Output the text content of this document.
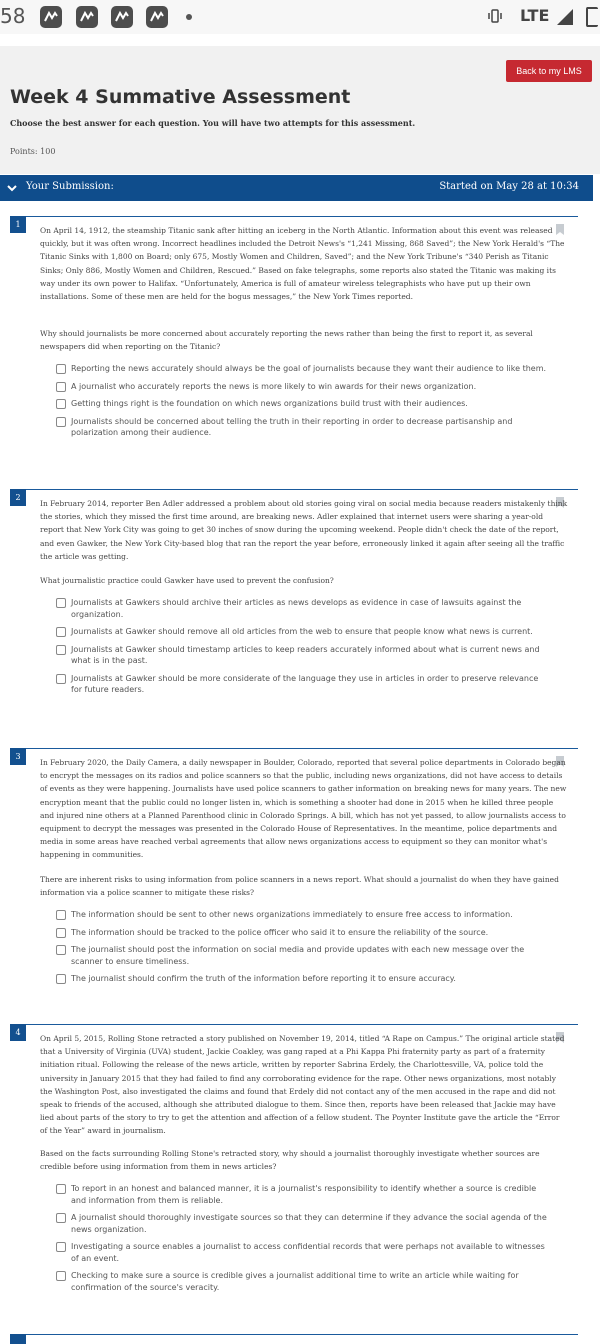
58	LTE
Back to my LMS
Week 4 Summative Assessment
Choose the best answer for each question. You will have two attempts for this assessment.
Points: 100
Your Submission:	Started on May 28 at 10:34
1
On April 14, 1912, the steamship Titanic sank after hitting an iceberg in the North Atlantic. Information about this event was released quickly, but it was often wrong. Incorrect headlines included the Detroit News's “1,241 Missing, 868 Saved”; the New York Herald's “The Titanic Sinks with 1,800 on Board; only 675, Mostly Women and Children, Saved”; and the New York Tribune's “340 Perish as Titanic Sinks; Only 886, Mostly Women and Children, Rescued.” Based on fake telegraphs, some reports also stated the Titanic was making its way under its own power to Halifax. “Unfortunately, America is full of amateur wireless telegraphists who have put up their own installations. Some of these men are held for the bogus messages,” the New York Times reported.
Why should journalists be more concerned about accurately reporting the news rather than being the first to report it, as several newspapers did when reporting on the Titanic?
Reporting the news accurately should always be the goal of journalists because they want their audience to like them.
A journalist who accurately reports the news is more likely to win awards for their news organization.
Getting things right is the foundation on which news organizations build trust with their audiences.
Journalists should be concerned about telling the truth in their reporting in order to decrease partisanship and polarization among their audience.
2
In February 2014, reporter Ben Adler addressed a problem about old stories going viral on social media because readers mistakenly think the stories, which they missed the first time around, are breaking news. Adler explained that internet users were sharing a year-old report that New York City was going to get 30 inches of snow during the upcoming weekend. People didn't check the date of the report, and even Gawker, the New York City-based blog that ran the report the year before, erroneously linked it again after seeing all the traffic the article was getting.
What journalistic practice could Gawker have used to prevent the confusion?
Journalists at Gawkers should archive their articles as news develops as evidence in case of lawsuits against the organization.
Journalists at Gawker should remove all old articles from the web to ensure that people know what news is current.
Journalists at Gawker should timestamp articles to keep readers accurately informed about what is current news and what is in the past.
Journalists at Gawker should be more considerate of the language they use in articles in order to preserve relevance for future readers.
3
In February 2020, the Daily Camera, a daily newspaper in Boulder, Colorado, reported that several police departments in Colorado began to encrypt the messages on its radios and police scanners so that the public, including news organizations, did not have access to details of events as they were happening. Journalists have used police scanners to gather information on breaking news for many years. The new encryption meant that the public could no longer listen in, which is something a shooter had done in 2015 when he killed three people and injured nine others at a Planned Parenthood clinic in Colorado Springs. A bill, which has not yet passed, to allow journalists access to equipment to decrypt the messages was presented in the Colorado House of Representatives. In the meantime, police departments and media in some areas have reached verbal agreements that allow news organizations access to equipment so they can monitor what's happening in communities.
There are inherent risks to using information from police scanners in a news report. What should a journalist do when they have gained information via a police scanner to mitigate these risks?
The information should be sent to other news organizations immediately to ensure free access to information.
The information should be tracked to the police officer who said it to ensure the reliability of the source.
The journalist should post the information on social media and provide updates with each new message over the scanner to ensure timeliness.
The journalist should confirm the truth of the information before reporting it to ensure accuracy.
4
On April 5, 2015, Rolling Stone retracted a story published on November 19, 2014, titled “A Rape on Campus.” The original article stated that a University of Virginia (UVA) student, Jackie Coakley, was gang raped at a Phi Kappa Phi fraternity party as part of a fraternity initiation ritual. Following the release of the news article, written by reporter Sabrina Erdely, the Charlottesville, VA, police told the university in January 2015 that they had failed to find any corroborating evidence for the rape. Other news organizations, most notably the Washington Post, also investigated the claims and found that Erdely did not contact any of the men accused in the rape and did not speak to friends of the accused, although she attributed dialogue to them. Since then, reports have been released that Jackie may have lied about parts of the story to try to get the attention and affection of a fellow student. The Poynter Institute gave the article the “Error of the Year” award in journalism.
Based on the facts surrounding Rolling Stone's retracted story, why should a journalist thoroughly investigate whether sources are credible before using information from them in news articles?
To report in an honest and balanced manner, it is a journalist's responsibility to identify whether a source is credible and information from them is reliable.
A journalist should thoroughly investigate sources so that they can determine if they advance the social agenda of the news organization.
Investigating a source enables a journalist to access confidential records that were perhaps not available to witnesses of an event.
Checking to make sure a source is credible gives a journalist additional time to write an article while waiting for confirmation of the source's veracity.
